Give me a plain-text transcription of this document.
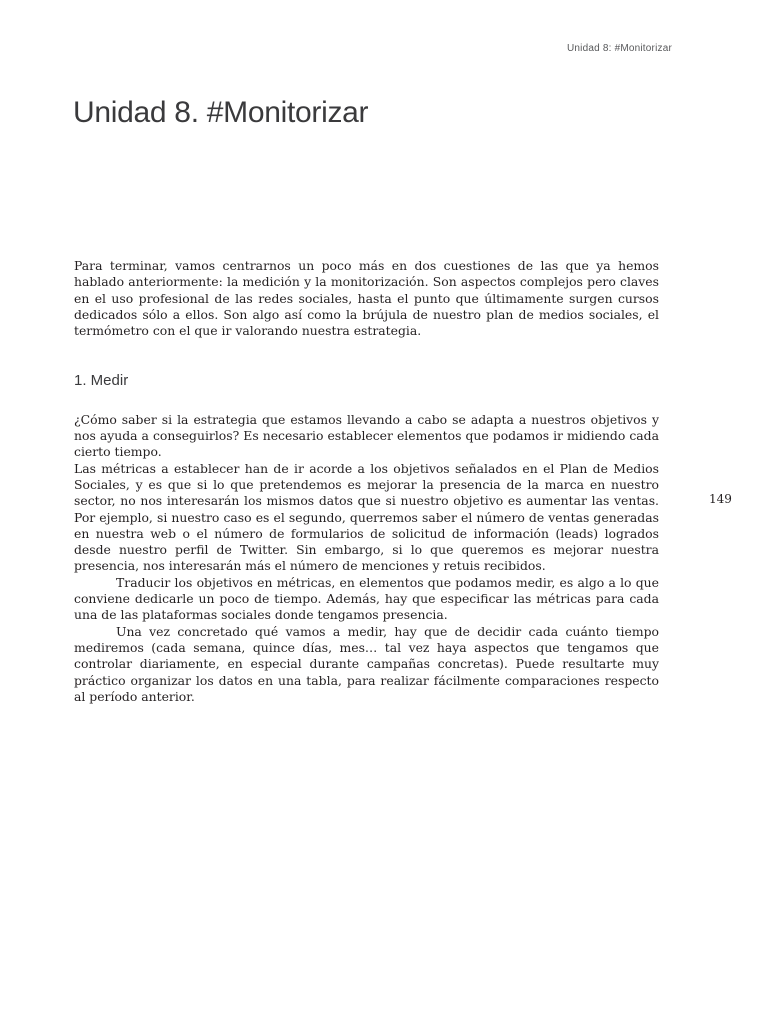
Unidad 8: #Monitorizar
Unidad 8. #Monitorizar

Para terminar, vamos centrarnos un poco más en dos cuestiones de las que ya hemos hablado anteriormente: la medición y la monitorización. Son aspectos complejos pero claves en el uso profesional de las redes sociales, hasta el punto que últimamente surgen cursos dedicados sólo a ellos. Son algo así como la brújula de nuestro plan de medios sociales, el termómetro con el que ir valorando nuestra estrategia.

1. Medir

¿Cómo saber si la estrategia que estamos llevando a cabo se adapta a nuestros objetivos y nos ayuda a conseguirlos? Es necesario establecer elementos que podamos ir midiendo cada cierto tiempo.

Las métricas a establecer han de ir acorde a los objetivos señalados en el Plan de Medios Sociales, y es que si lo que pretendemos es mejorar la presencia de la marca en nuestro sector, no nos interesarán los mismos datos que si nuestro objetivo es aumentar las ventas. Por ejemplo, si nuestro caso es el segundo, querremos saber el número de ventas generadas en nuestra web o el número de formularios de solicitud de información (leads) logrados desde nuestro perfil de Twitter. Sin embargo, si lo que queremos es mejorar nuestra presencia, nos interesarán más el número de menciones y retuis recibidos.

Traducir los objetivos en métricas, en elementos que podamos medir, es algo a lo que conviene dedicarle un poco de tiempo. Además, hay que especificar las métricas para cada una de las plataformas sociales donde tengamos presencia.

Una vez concretado qué vamos a medir, hay que de decidir cada cuánto tiempo mediremos (cada semana, quince días, mes… tal vez haya aspectos que tengamos que controlar diariamente, en especial durante campañas concretas). Puede resultarte muy práctico organizar los datos en una tabla, para realizar fácilmente comparaciones respecto al período anterior.

149
